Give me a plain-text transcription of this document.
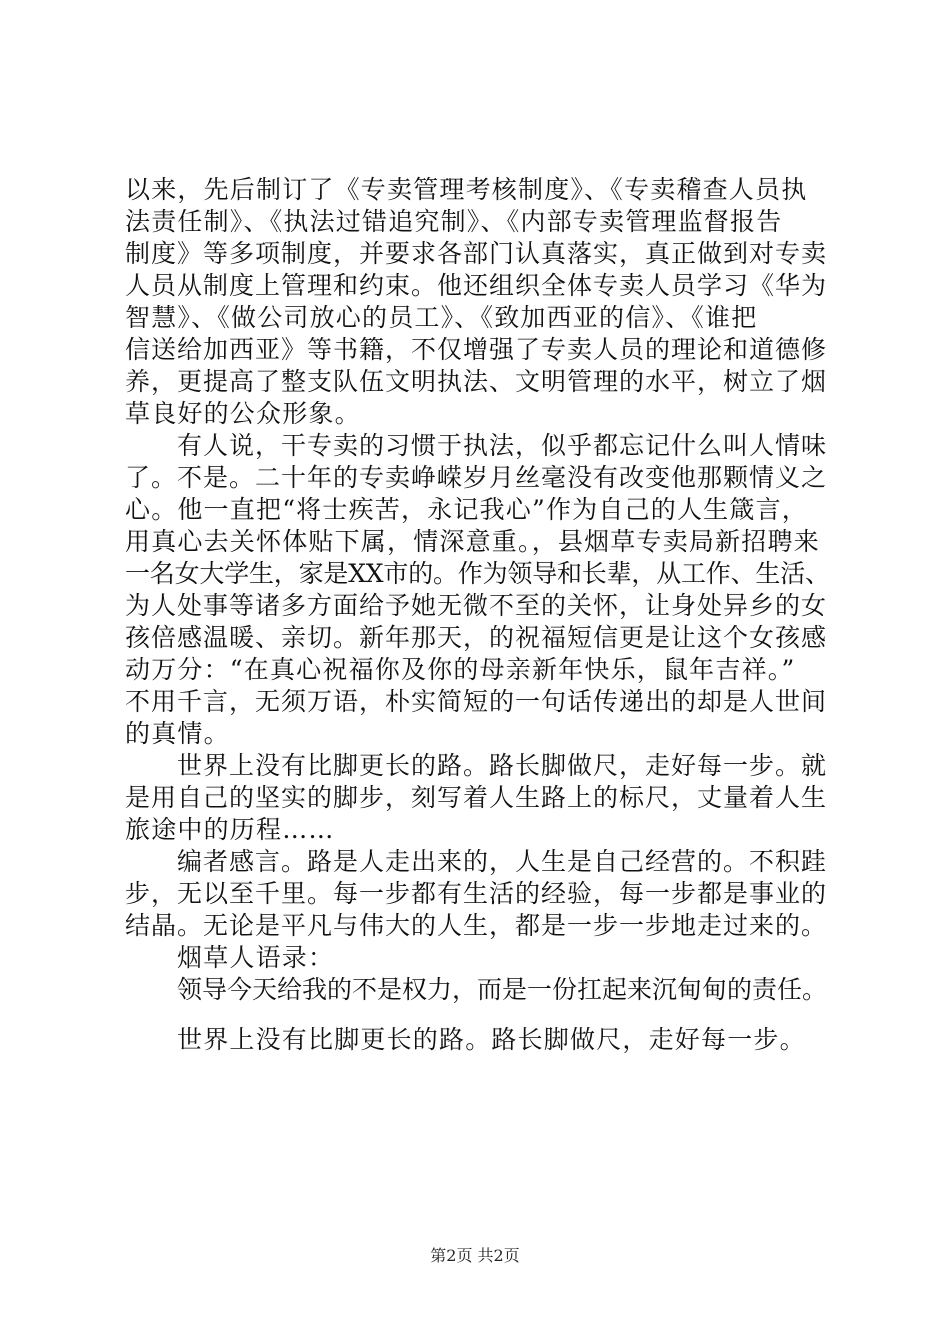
以来，先后制订了《专卖管理考核制度》、《专卖稽查人员执
法责任制》、《执法过错追究制》、《内部专卖管理监督报告
制度》等多项制度，并要求各部门认真落实，真正做到对专卖
人员从制度上管理和约束。他还组织全体专卖人员学习《华为
智慧》、《做公司放心的员工》、《致加西亚的信》、《谁把
信送给加西亚》等书籍，不仅增强了专卖人员的理论和道德修
养，更提高了整支队伍文明执法、文明管理的水平，树立了烟
草良好的公众形象。
有人说，干专卖的习惯于执法，似乎都忘记什么叫人情味
了。不是。二十年的专卖峥嵘岁月丝毫没有改变他那颗情义之
心。他一直把“将士疾苦，永记我心”作为自己的人生箴言，
用真心去关怀体贴下属，情深意重。，县烟草专卖局新招聘来
一名女大学生，家是XX市的。作为领导和长辈，从工作、生活、
为人处事等诸多方面给予她无微不至的关怀，让身处异乡的女
孩倍感温暖、亲切。新年那天，的祝福短信更是让这个女孩感
动万分：“在真心祝福你及你的母亲新年快乐，鼠年吉祥。”
不用千言，无须万语，朴实简短的一句话传递出的却是人世间
的真情。
世界上没有比脚更长的路。路长脚做尺，走好每一步。就
是用自己的坚实的脚步，刻写着人生路上的标尺，丈量着人生
旅途中的历程……
编者感言。路是人走出来的，人生是自己经营的。不积跬
步，无以至千里。每一步都有生活的经验，每一步都是事业的
结晶。无论是平凡与伟大的人生，都是一步一步地走过来的。
烟草人语录：
领导今天给我的不是权力，而是一份扛起来沉甸甸的责任。
世界上没有比脚更长的路。路长脚做尺，走好每一步。
第2页 共2页
